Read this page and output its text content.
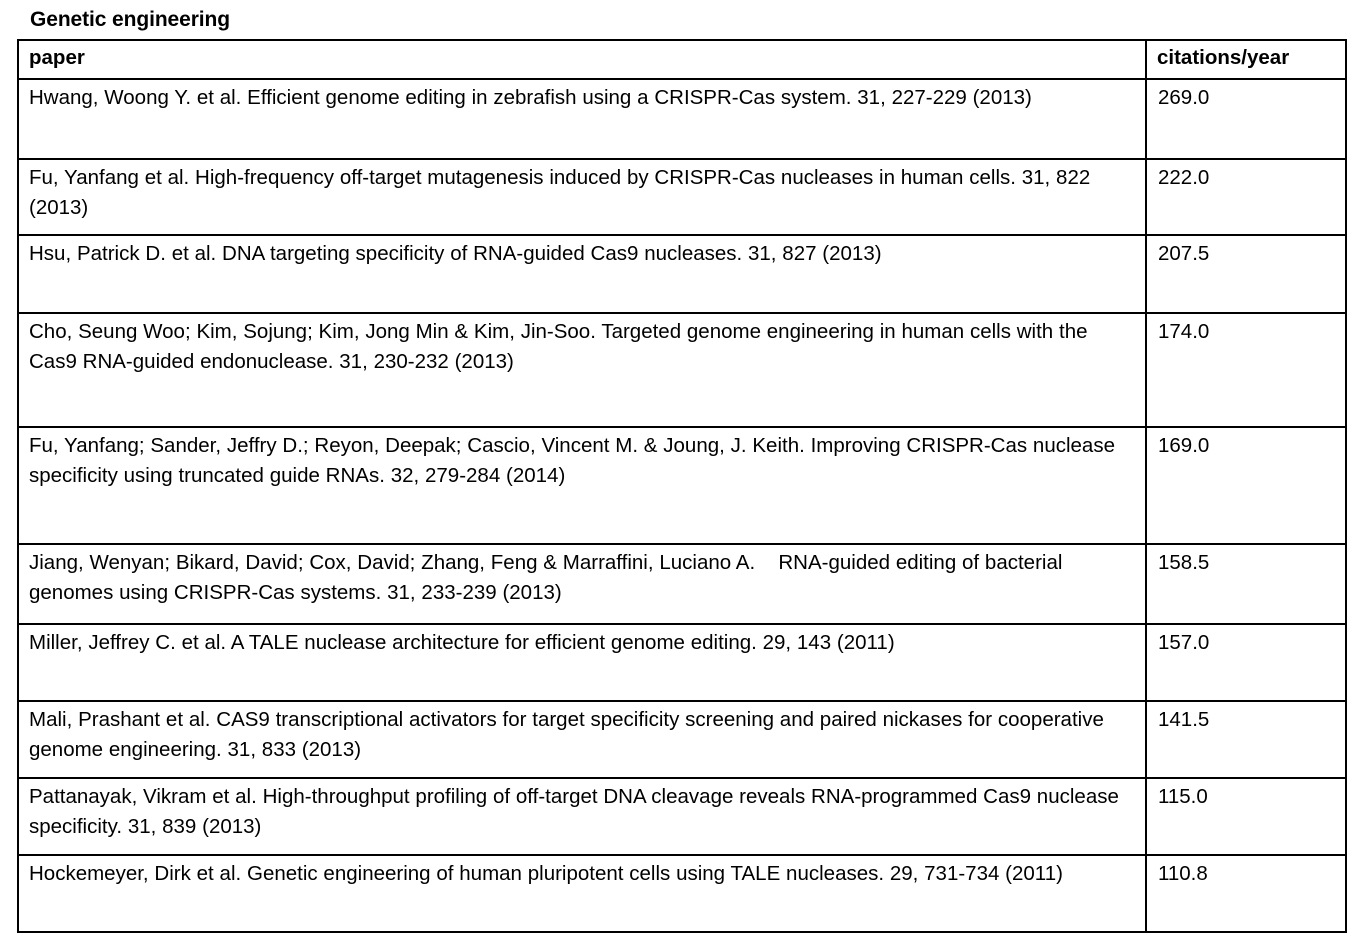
Genetic engineering
paper	citations/year

Hwang, Woong Y. et al. Efficient genome editing in zebrafish using a CRISPR-Cas system. 31, 227-229 (2013)	269.0

Fu, Yanfang et al. High-frequency off-target mutagenesis induced by CRISPR-Cas nucleases in human cells. 31, 822 (2013)	222.0

Hsu, Patrick D. et al. DNA targeting specificity of RNA-guided Cas9 nucleases. 31, 827 (2013)	207.5

Cho, Seung Woo; Kim, Sojung; Kim, Jong Min & Kim, Jin-Soo. Targeted genome engineering in human cells with the Cas9 RNA-guided endonuclease. 31, 230-232 (2013)	174.0

Fu, Yanfang; Sander, Jeffry D.; Reyon, Deepak; Cascio, Vincent M. & Joung, J. Keith. Improving CRISPR-Cas nuclease specificity using truncated guide RNAs. 32, 279-284 (2014)	169.0

Jiang, Wenyan; Bikard, David; Cox, David; Zhang, Feng & Marraffini, Luciano A.    RNA-guided editing of bacterial genomes using CRISPR-Cas systems. 31, 233-239 (2013)	158.5

Miller, Jeffrey C. et al. A TALE nuclease architecture for efficient genome editing. 29, 143 (2011)	157.0

Mali, Prashant et al. CAS9 transcriptional activators for target specificity screening and paired nickases for cooperative genome engineering. 31, 833 (2013)	141.5

Pattanayak, Vikram et al. High-throughput profiling of off-target DNA cleavage reveals RNA-programmed Cas9 nuclease specificity. 31, 839 (2013)	115.0

Hockemeyer, Dirk et al. Genetic engineering of human pluripotent cells using TALE nucleases. 29, 731-734 (2011)	110.8
